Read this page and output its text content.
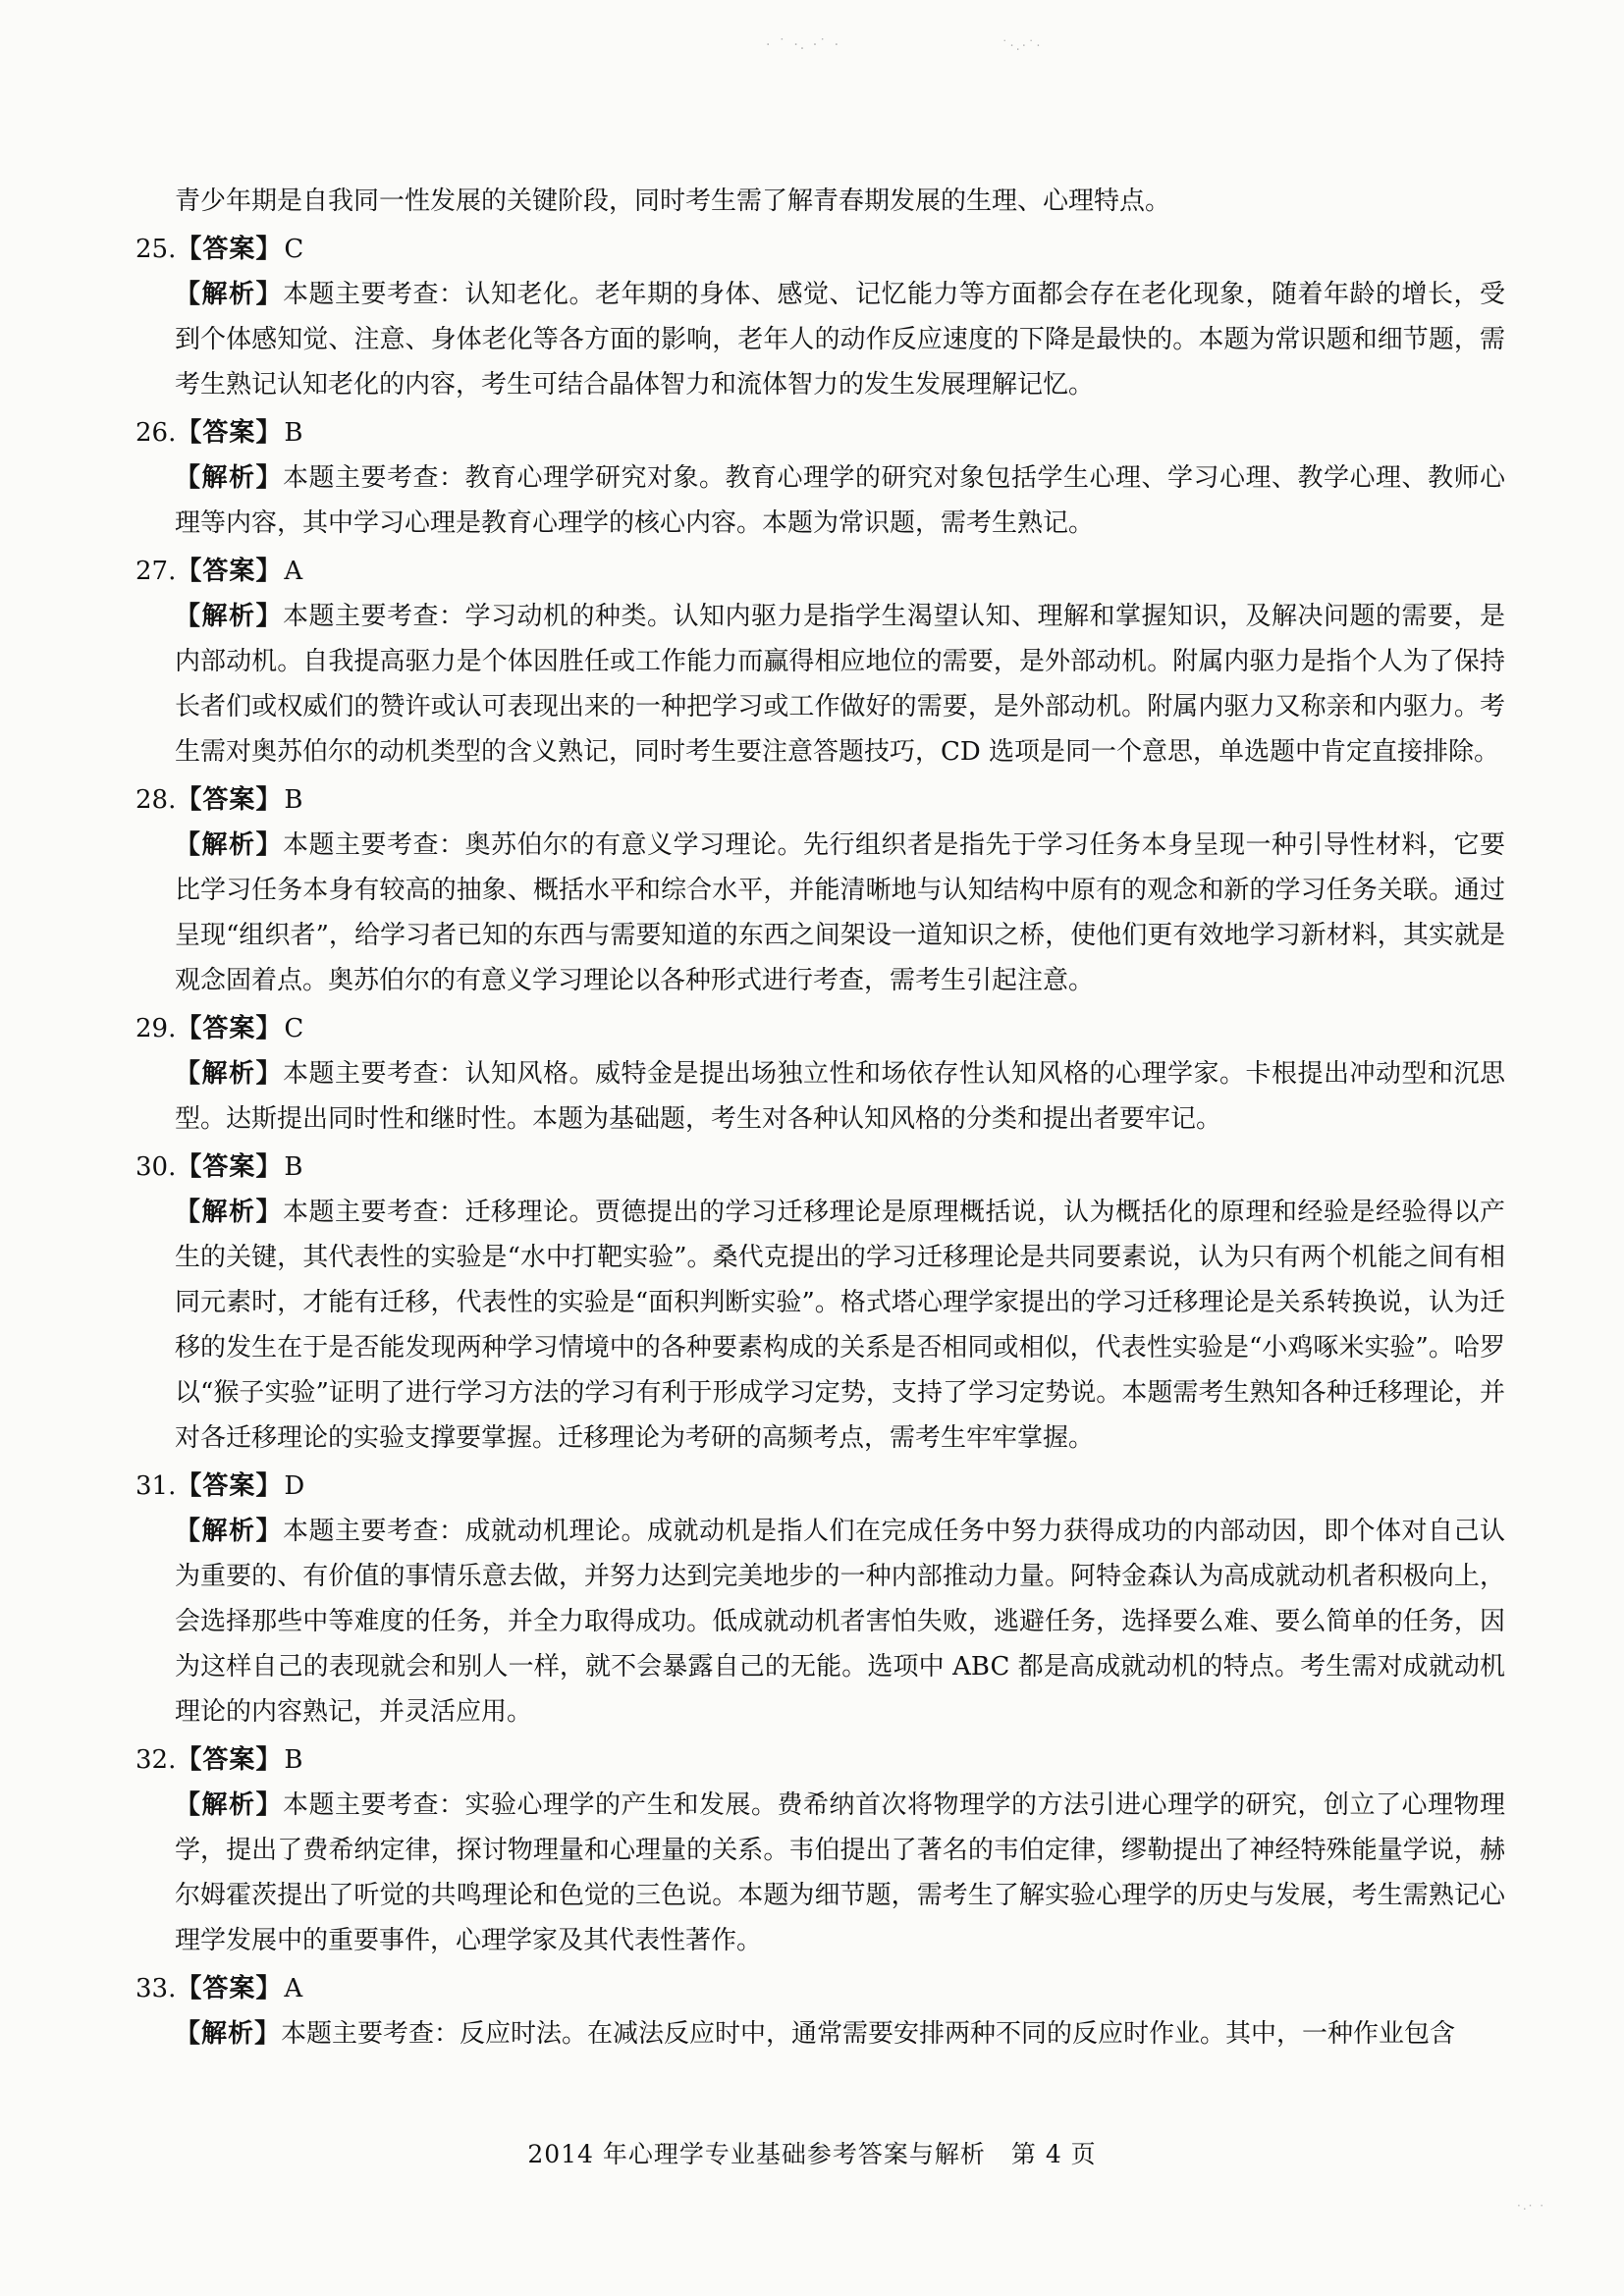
· ˙ ·. ·˙ ·	˙·.·˙·
·.· ·
青少年期是自我同一性发展的关键阶段，同时考生需了解青春期发展的生理、心理特点。
25.【答案】C
【解析】本题主要考查：认知老化。老年期的身体、感觉、记忆能力等方面都会存在老化现象，随着年龄的增长，受到个体感知觉、注意、身体老化等各方面的影响，老年人的动作反应速度的下降是最快的。本题为常识题和细节题，需考生熟记认知老化的内容，考生可结合晶体智力和流体智力的发生发展理解记忆。
26.【答案】B
【解析】本题主要考查：教育心理学研究对象。教育心理学的研究对象包括学生心理、学习心理、教学心理、教师心理等内容，其中学习心理是教育心理学的核心内容。本题为常识题，需考生熟记。
27.【答案】A
【解析】本题主要考查：学习动机的种类。认知内驱力是指学生渴望认知、理解和掌握知识，及解决问题的需要，是内部动机。自我提高驱力是个体因胜任或工作能力而赢得相应地位的需要，是外部动机。附属内驱力是指个人为了保持长者们或权威们的赞许或认可表现出来的一种把学习或工作做好的需要，是外部动机。附属内驱力又称亲和内驱力。考生需对奥苏伯尔的动机类型的含义熟记，同时考生要注意答题技巧，CD 选项是同一个意思，单选题中肯定直接排除。
28.【答案】B
【解析】本题主要考查：奥苏伯尔的有意义学习理论。先行组织者是指先于学习任务本身呈现一种引导性材料，它要比学习任务本身有较高的抽象、概括水平和综合水平，并能清晰地与认知结构中原有的观念和新的学习任务关联。通过呈现“组织者”，给学习者已知的东西与需要知道的东西之间架设一道知识之桥，使他们更有效地学习新材料，其实就是观念固着点。奥苏伯尔的有意义学习理论以各种形式进行考查，需考生引起注意。
29.【答案】C
【解析】本题主要考查：认知风格。威特金是提出场独立性和场依存性认知风格的心理学家。卡根提出冲动型和沉思型。达斯提出同时性和继时性。本题为基础题，考生对各种认知风格的分类和提出者要牢记。
30.【答案】B
【解析】本题主要考查：迁移理论。贾德提出的学习迁移理论是原理概括说，认为概括化的原理和经验是经验得以产生的关键，其代表性的实验是“水中打靶实验”。桑代克提出的学习迁移理论是共同要素说，认为只有两个机能之间有相同元素时，才能有迁移，代表性的实验是“面积判断实验”。格式塔心理学家提出的学习迁移理论是关系转换说，认为迁移的发生在于是否能发现两种学习情境中的各种要素构成的关系是否相同或相似，代表性实验是“小鸡啄米实验”。哈罗以“猴子实验”证明了进行学习方法的学习有利于形成学习定势，支持了学习定势说。本题需考生熟知各种迁移理论，并对各迁移理论的实验支撑要掌握。迁移理论为考研的高频考点，需考生牢牢掌握。
31.【答案】D
【解析】本题主要考查：成就动机理论。成就动机是指人们在完成任务中努力获得成功的内部动因，即个体对自己认为重要的、有价值的事情乐意去做，并努力达到完美地步的一种内部推动力量。阿特金森认为高成就动机者积极向上，会选择那些中等难度的任务，并全力取得成功。低成就动机者害怕失败，逃避任务，选择要么难、要么简单的任务，因为这样自己的表现就会和别人一样，就不会暴露自己的无能。选项中 ABC 都是高成就动机的特点。考生需对成就动机理论的内容熟记，并灵活应用。
32.【答案】B
【解析】本题主要考查：实验心理学的产生和发展。费希纳首次将物理学的方法引进心理学的研究，创立了心理物理学，提出了费希纳定律，探讨物理量和心理量的关系。韦伯提出了著名的韦伯定律，缪勒提出了神经特殊能量学说，赫尔姆霍茨提出了听觉的共鸣理论和色觉的三色说。本题为细节题，需考生了解实验心理学的历史与发展，考生需熟记心理学发展中的重要事件，心理学家及其代表性著作。
33.【答案】A
【解析】本题主要考查：反应时法。在减法反应时中，通常需要安排两种不同的反应时作业。其中，一种作业包含
2014 年心理学专业基础参考答案与解析　第 4 页
